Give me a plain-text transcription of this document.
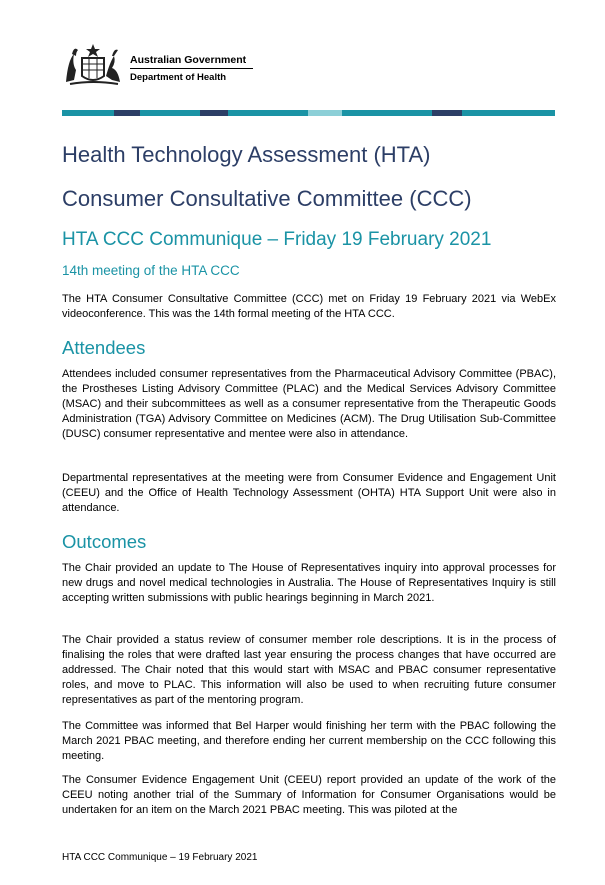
Australian Government
Department of Health
Health Technology Assessment (HTA)
Consumer Consultative Committee (CCC)
HTA CCC Communique – Friday 19 February 2021
14th meeting of the HTA CCC

The HTA Consumer Consultative Committee (CCC) met on Friday 19 February 2021 via WebEx videoconference. This was the 14th formal meeting of the HTA CCC.

Attendees

Attendees included consumer representatives from the Pharmaceutical Advisory Committee (PBAC), the Prostheses Listing Advisory Committee (PLAC) and the Medical Services Advisory Committee (MSAC) and their subcommittees as well as a consumer representative from the Therapeutic Goods Administration (TGA) Advisory Committee on Medicines (ACM). The Drug Utilisation Sub-Committee (DUSC) consumer representative and mentee were also in attendance.

Departmental representatives at the meeting were from Consumer Evidence and Engagement Unit (CEEU) and the Office of Health Technology Assessment (OHTA) HTA Support Unit were also in attendance.

Outcomes

The Chair provided an update to The House of Representatives inquiry into approval processes for new drugs and novel medical technologies in Australia. The House of Representatives Inquiry is still accepting written submissions with public hearings beginning in March 2021.

The Chair provided a status review of consumer member role descriptions. It is in the process of finalising the roles that were drafted last year ensuring the process changes that have occurred are addressed. The Chair noted that this would start with MSAC and PBAC consumer representative roles, and move to PLAC. This information will also be used to when recruiting future consumer representatives as part of the mentoring program.

The Committee was informed that Bel Harper would finishing her term with the PBAC following the March 2021 PBAC meeting, and therefore ending her current membership on the CCC following this meeting.

The Consumer Evidence Engagement Unit (CEEU) report provided an update of the work of the CEEU noting another trial of the Summary of Information for Consumer Organisations would be undertaken for an item on the March 2021 PBAC meeting. This was piloted at the

HTA CCC Communique – 19 February 2021
